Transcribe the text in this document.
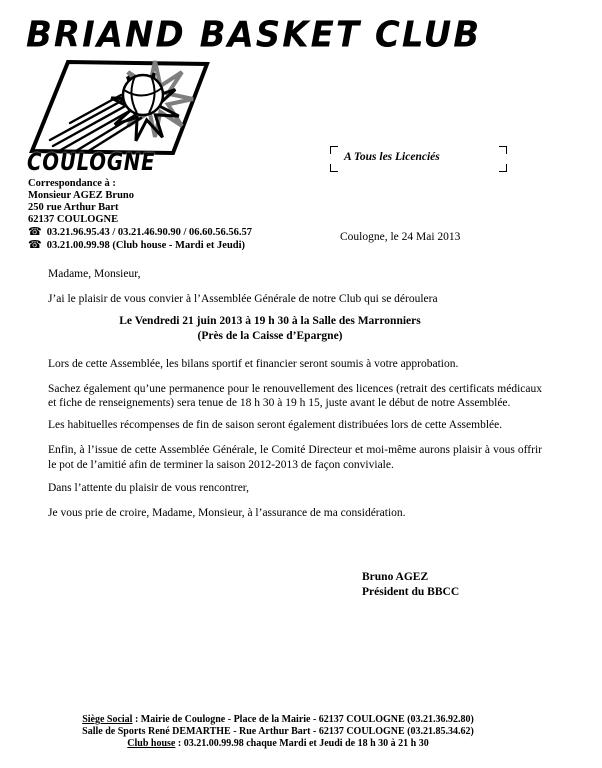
BRIAND BASKET CLUB
COULOGNE	A Tous les Licenciés
Correspondance à :
Monsieur AGEZ Bruno
250 rue Arthur Bart
62137 COULOGNE
☎ 03.21.96.95.43 / 03.21.46.90.90 / 06.60.56.56.57
☎ 03.21.00.99.98 (Club house - Mardi et Jeudi)
Coulogne, le 24 Mai 2013

Madame, Monsieur,

J’ai le plaisir de vous convier à l’Assemblée Générale de notre Club qui se déroulera

Le Vendredi 21 juin 2013 à 19 h 30 à la Salle des Marronniers
(Près de la Caisse d’Epargne)

Lors de cette Assemblée, les bilans sportif et financier seront soumis à votre approbation.

Sachez également qu’une permanence pour le renouvellement des licences (retrait des certificats médicaux et fiche de renseignements) sera tenue de 18 h 30 à 19 h 15, juste avant le début de notre Assemblée.

Les habituelles récompenses de fin de saison seront également distribuées lors de cette Assemblée.

Enfin, à l’issue de cette Assemblée Générale, le Comité Directeur et moi-même aurons plaisir à vous offrir le pot de l’amitié afin de terminer la saison 2012-2013 de façon conviviale.

Dans l’attente du plaisir de vous rencontrer,

Je vous prie de croire, Madame, Monsieur, à l’assurance de ma considération.

Bruno AGEZ
Président du BBCC
Siège Social : Mairie de Coulogne - Place de la Mairie - 62137 COULOGNE (03.21.36.92.80)
Salle de Sports René DEMARTHE - Rue Arthur Bart - 62137 COULOGNE (03.21.85.34.62)
Club house : 03.21.00.99.98 chaque Mardi et Jeudi de 18 h 30 à 21 h 30
